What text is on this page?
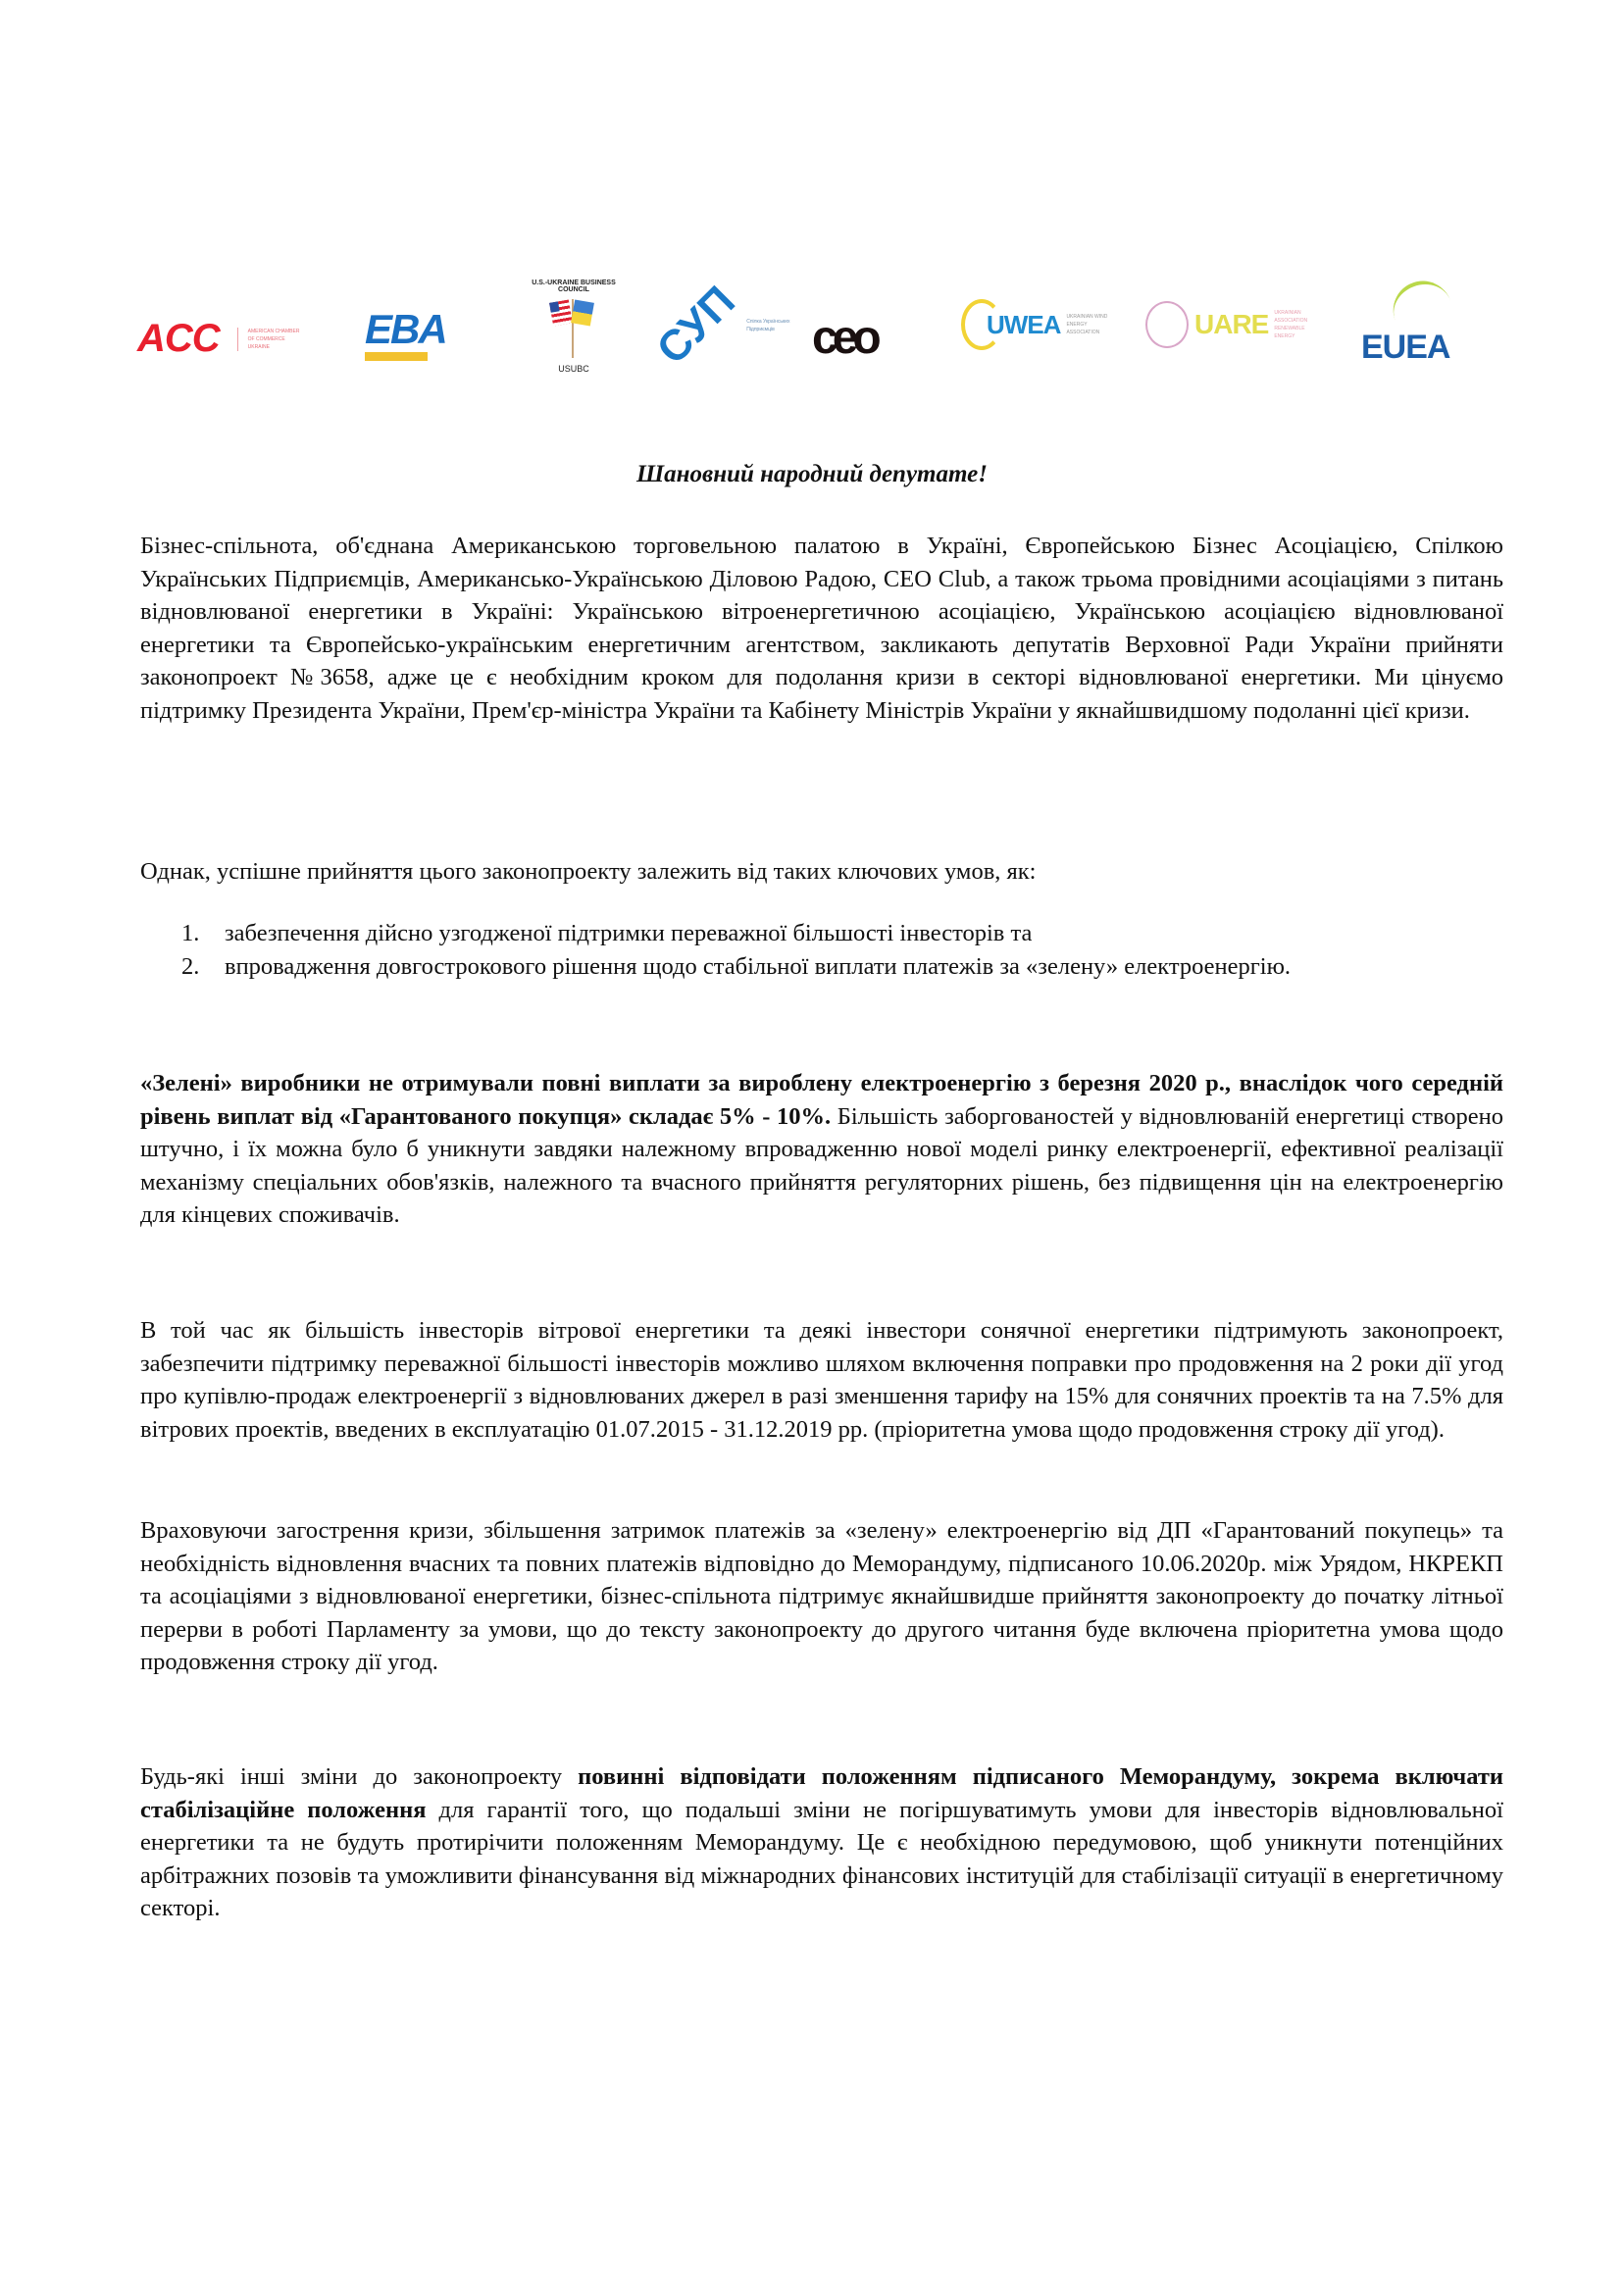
ACC	AMERICAN CHAMBER OF COMMERCE UKRAINE	EBA
U.S.-UKRAINE BUSINESS COUNCIL
USUBC	СУП Спілка Українських Підприємців ceo	UWEA UKRAINIAN WIND ENERGY ASSOCIATION	UARE UKRAINIAN ASSOCIATION RENEWABLE ENERGY	EUEA
Шановний народний депутате!
Бізнес-спільнота, об'єднана Американською торговельною палатою в Україні, Європейською Бізнес Асоціацією, Спілкою Українських Підприємців, Американсько-Українською Діловою Радою, CEO Club, а також трьома провідними асоціаціями з питань відновлюваної енергетики в Україні: Українською вітроенергетичною асоціацією, Українською асоціацією відновлюваної енергетики та Європейсько-українським енергетичним агентством, закликають депутатів Верховної Ради України прийняти законопроект №3658, адже це є необхідним кроком для подолання кризи в секторі відновлюваної енергетики. Ми цінуємо підтримку Президента України, Прем'єр-міністра України та Кабінету Міністрів України у якнайшвидшому подоланні цієї кризи.
Однак, успішне прийняття цього законопроекту залежить від таких ключових умов, як:
1. забезпечення дійсно узгодженої підтримки переважної більшості інвесторів та
2. впровадження довгострокового рішення щодо стабільної виплати платежів за «зелену» електроенергію.
«Зелені» виробники не отримували повні виплати за вироблену електроенергію з березня 2020 р., внаслідок чого середній рівень виплат від «Гарантованого покупця» складає 5% - 10%. Більшість заборгованостей у відновлюваній енергетиці створено штучно, і їх можна було б уникнути завдяки належному впровадженню нової моделі ринку електроенергії, ефективної реалізації механізму спеціальних обов'язків, належного та вчасного прийняття регуляторних рішень, без підвищення цін на електроенергію для кінцевих споживачів.
В той час як більшість інвесторів вітрової енергетики та деякі інвестори сонячної енергетики підтримують законопроект, забезпечити підтримку переважної більшості інвесторів можливо шляхом включення поправки про продовження на 2 роки дії угод про купівлю-продаж електроенергії з відновлюваних джерел в разі зменшення тарифу на 15% для сонячних проектів та на 7.5% для вітрових проектів, введених в експлуатацію 01.07.2015 - 31.12.2019 рр. (пріоритетна умова щодо продовження строку дії угод).
Враховуючи загострення кризи, збільшення затримок платежів за «зелену» електроенергію від ДП «Гарантований покупець» та необхідність відновлення вчасних та повних платежів відповідно до Меморандуму, підписаного 10.06.2020р. між Урядом, НКРЕКП та асоціаціями з відновлюваної енергетики, бізнес-спільнота підтримує якнайшвидше прийняття законопроекту до початку літньої перерви в роботі Парламенту за умови, що до тексту законопроекту до другого читання буде включена пріоритетна умова щодо продовження строку дії угод.
Будь-які інші зміни до законопроекту повинні відповідати положенням підписаного Меморандуму, зокрема включати стабілізаційне положення для гарантії того, що подальші зміни не погіршуватимуть умови для інвесторів відновлювальної енергетики та не будуть протирічити положенням Меморандуму. Це є необхідною передумовою, щоб уникнути потенційних арбітражних позовів та уможливити фінансування від міжнародних фінансових інституцій для стабілізації ситуації в енергетичному секторі.
